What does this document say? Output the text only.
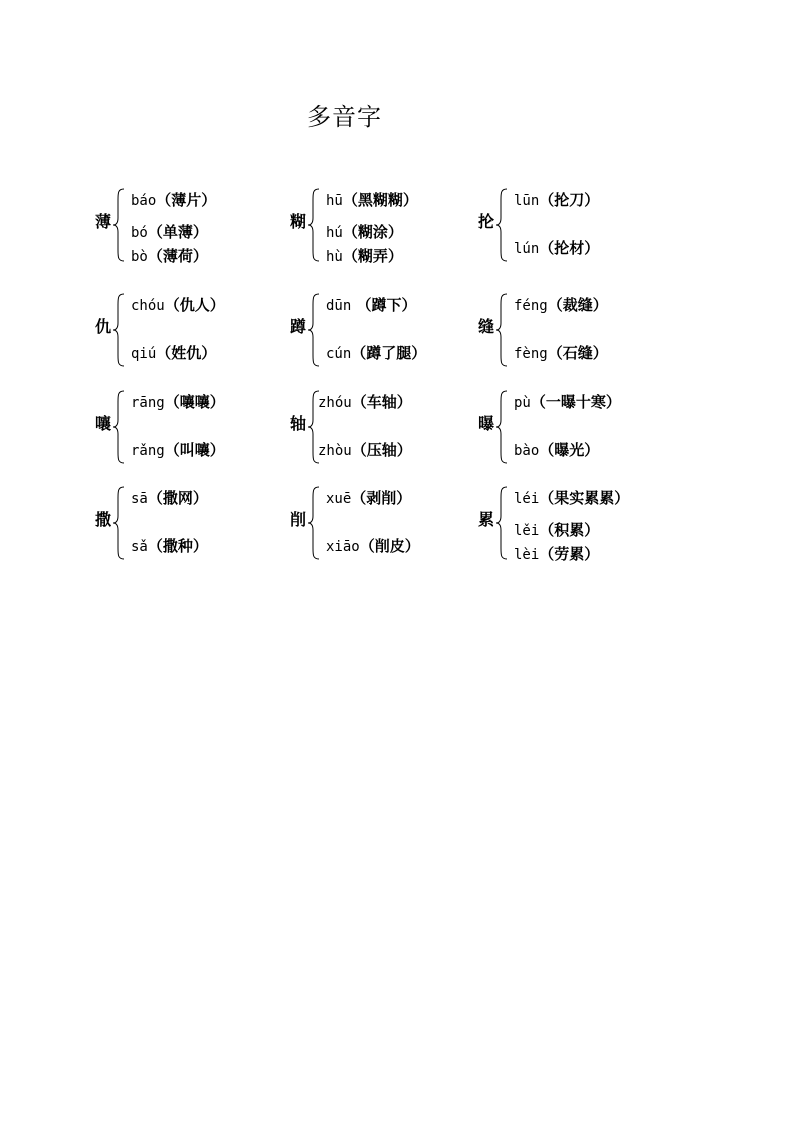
多音字
薄
báo（薄片）
bó（单薄）
bò（薄荷）
糊
hū（黑糊糊）
hú（糊涂）
hù（糊弄）
抡
lūn（抡刀）
lún（抡材）
仇
chóu（仇人）
qiú（姓仇）
蹲
dūn （蹲下）
cún（蹲了腿）
缝
féng（裁缝）
fèng（石缝）
嚷
rāng（嚷嚷）
rǎng（叫嚷）
轴
zhóu（车轴）
zhòu（压轴）
曝
pù（一曝十寒）
bào（曝光）
撒
sā（撒网）
sǎ（撒种）
削
xuē（剥削）
xiāo（削皮）
累
léi（果实累累）
lěi（积累）
lèi（劳累）
